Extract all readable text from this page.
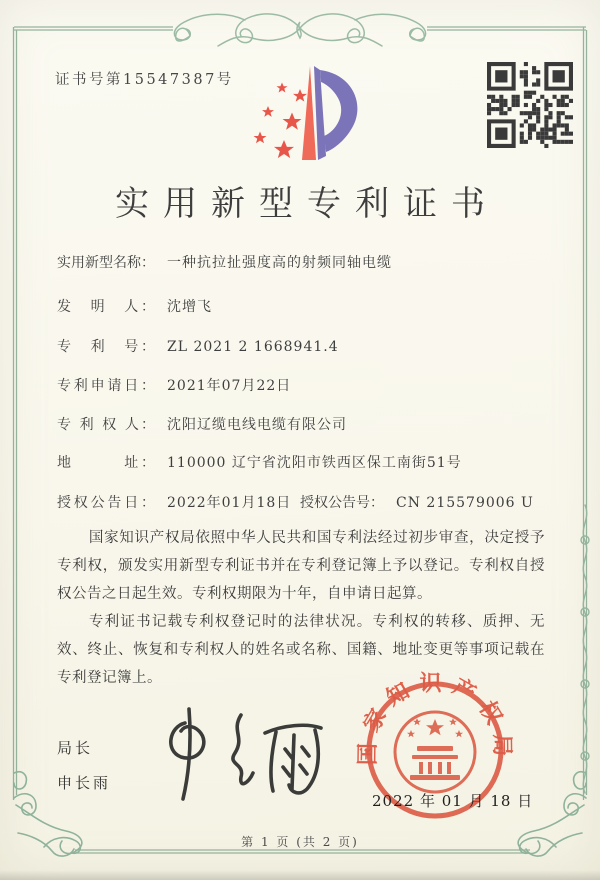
证书号第15547387号
实用新型专利证书
实用新型名称： 一种抗拉扯强度高的射频同轴电缆
发　明　人： 沈增飞
专　利　号： ZL 2021 2 1668941.4
专利申请日： 2021年07月22日
专 利 权 人： 沈阳辽缆电线电缆有限公司
地　　　址： 110000 辽宁省沈阳市铁西区保工南街51号
授权公告日： 2022年01月18日 授权公告号： CN 215579006 U

国家知识产权局依照中华人民共和国专利法经过初步审查，决定授予专利权，颁发实用新型专利证书并在专利登记簿上予以登记。专利权自授权公告之日起生效。专利权期限为十年，自申请日起算。

专利证书记载专利权登记时的法律状况。专利权的转移、质押、无效、终止、恢复和专利权人的姓名或名称、国籍、地址变更等事项记载在专利登记簿上。

局长
申长雨
国家知识产权局
2022 年 01 月 18 日
第 1 页 (共 2 页)
